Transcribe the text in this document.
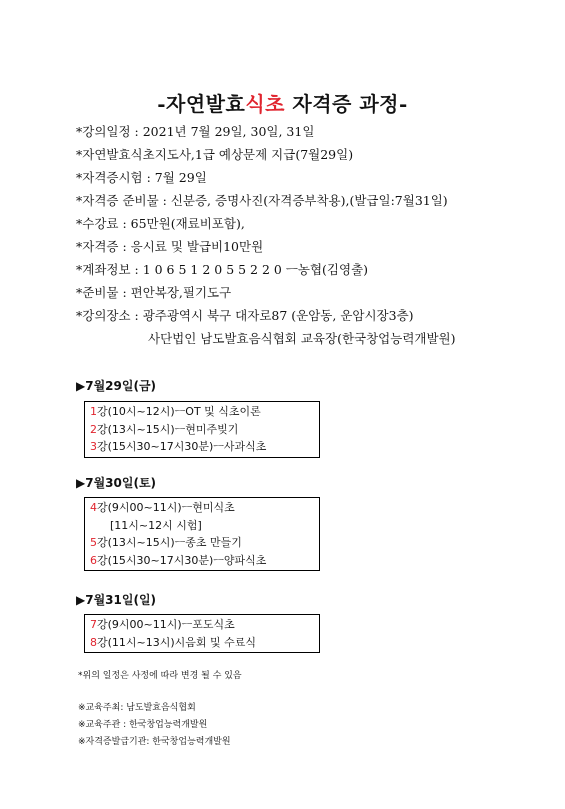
-자연발효식초 자격증 과정-
*강의일정 : 2021년 7월 29일, 30일, 31일
*자연발효식초지도사,1급 예상문제 지급(7월29일)
*자격증시험 : 7월 29일
*자격증 준비물 : 신분증, 증명사진(자격증부착용),(발급일:7월31일)
*수강료 : 65만원(재료비포함),
*자격증 : 응시료 및 발급비10만원
*계좌정보 : 1 0 6 5 1 2 0 5 5 2 2 0 ㅡ농협(김영출)
*준비물 : 편안복장,필기도구
*강의장소 : 광주광역시 북구 대자로87 (운암동, 운암시장3층)
사단법인 남도발효음식협회 교육장(한국창업능력개발원)
▶7월29일(금)
1강(10시~12시)ㅡOT 및 식초이론
2강(13시~15시)ㅡ현미주빚기
3강(15시30~17시30분)ㅡ사과식초
▶7월30일(토)
4강(9시00~11시)ㅡ현미식초
[11시~12시 시험]
5강(13시~15시)ㅡ종초 만들기
6강(15시30~17시30분)ㅡ양파식초
▶7월31일(일)
7강(9시00~11시)ㅡ포도식초
8강(11시~13시)시음회 및 수료식
*위의 일정은 사정에 따라 변경 될 수 있음
※교육주최: 남도발효음식협회
※교육주관 : 한국창업능력개발원
※자격증발급기관: 한국창업능력개발원
